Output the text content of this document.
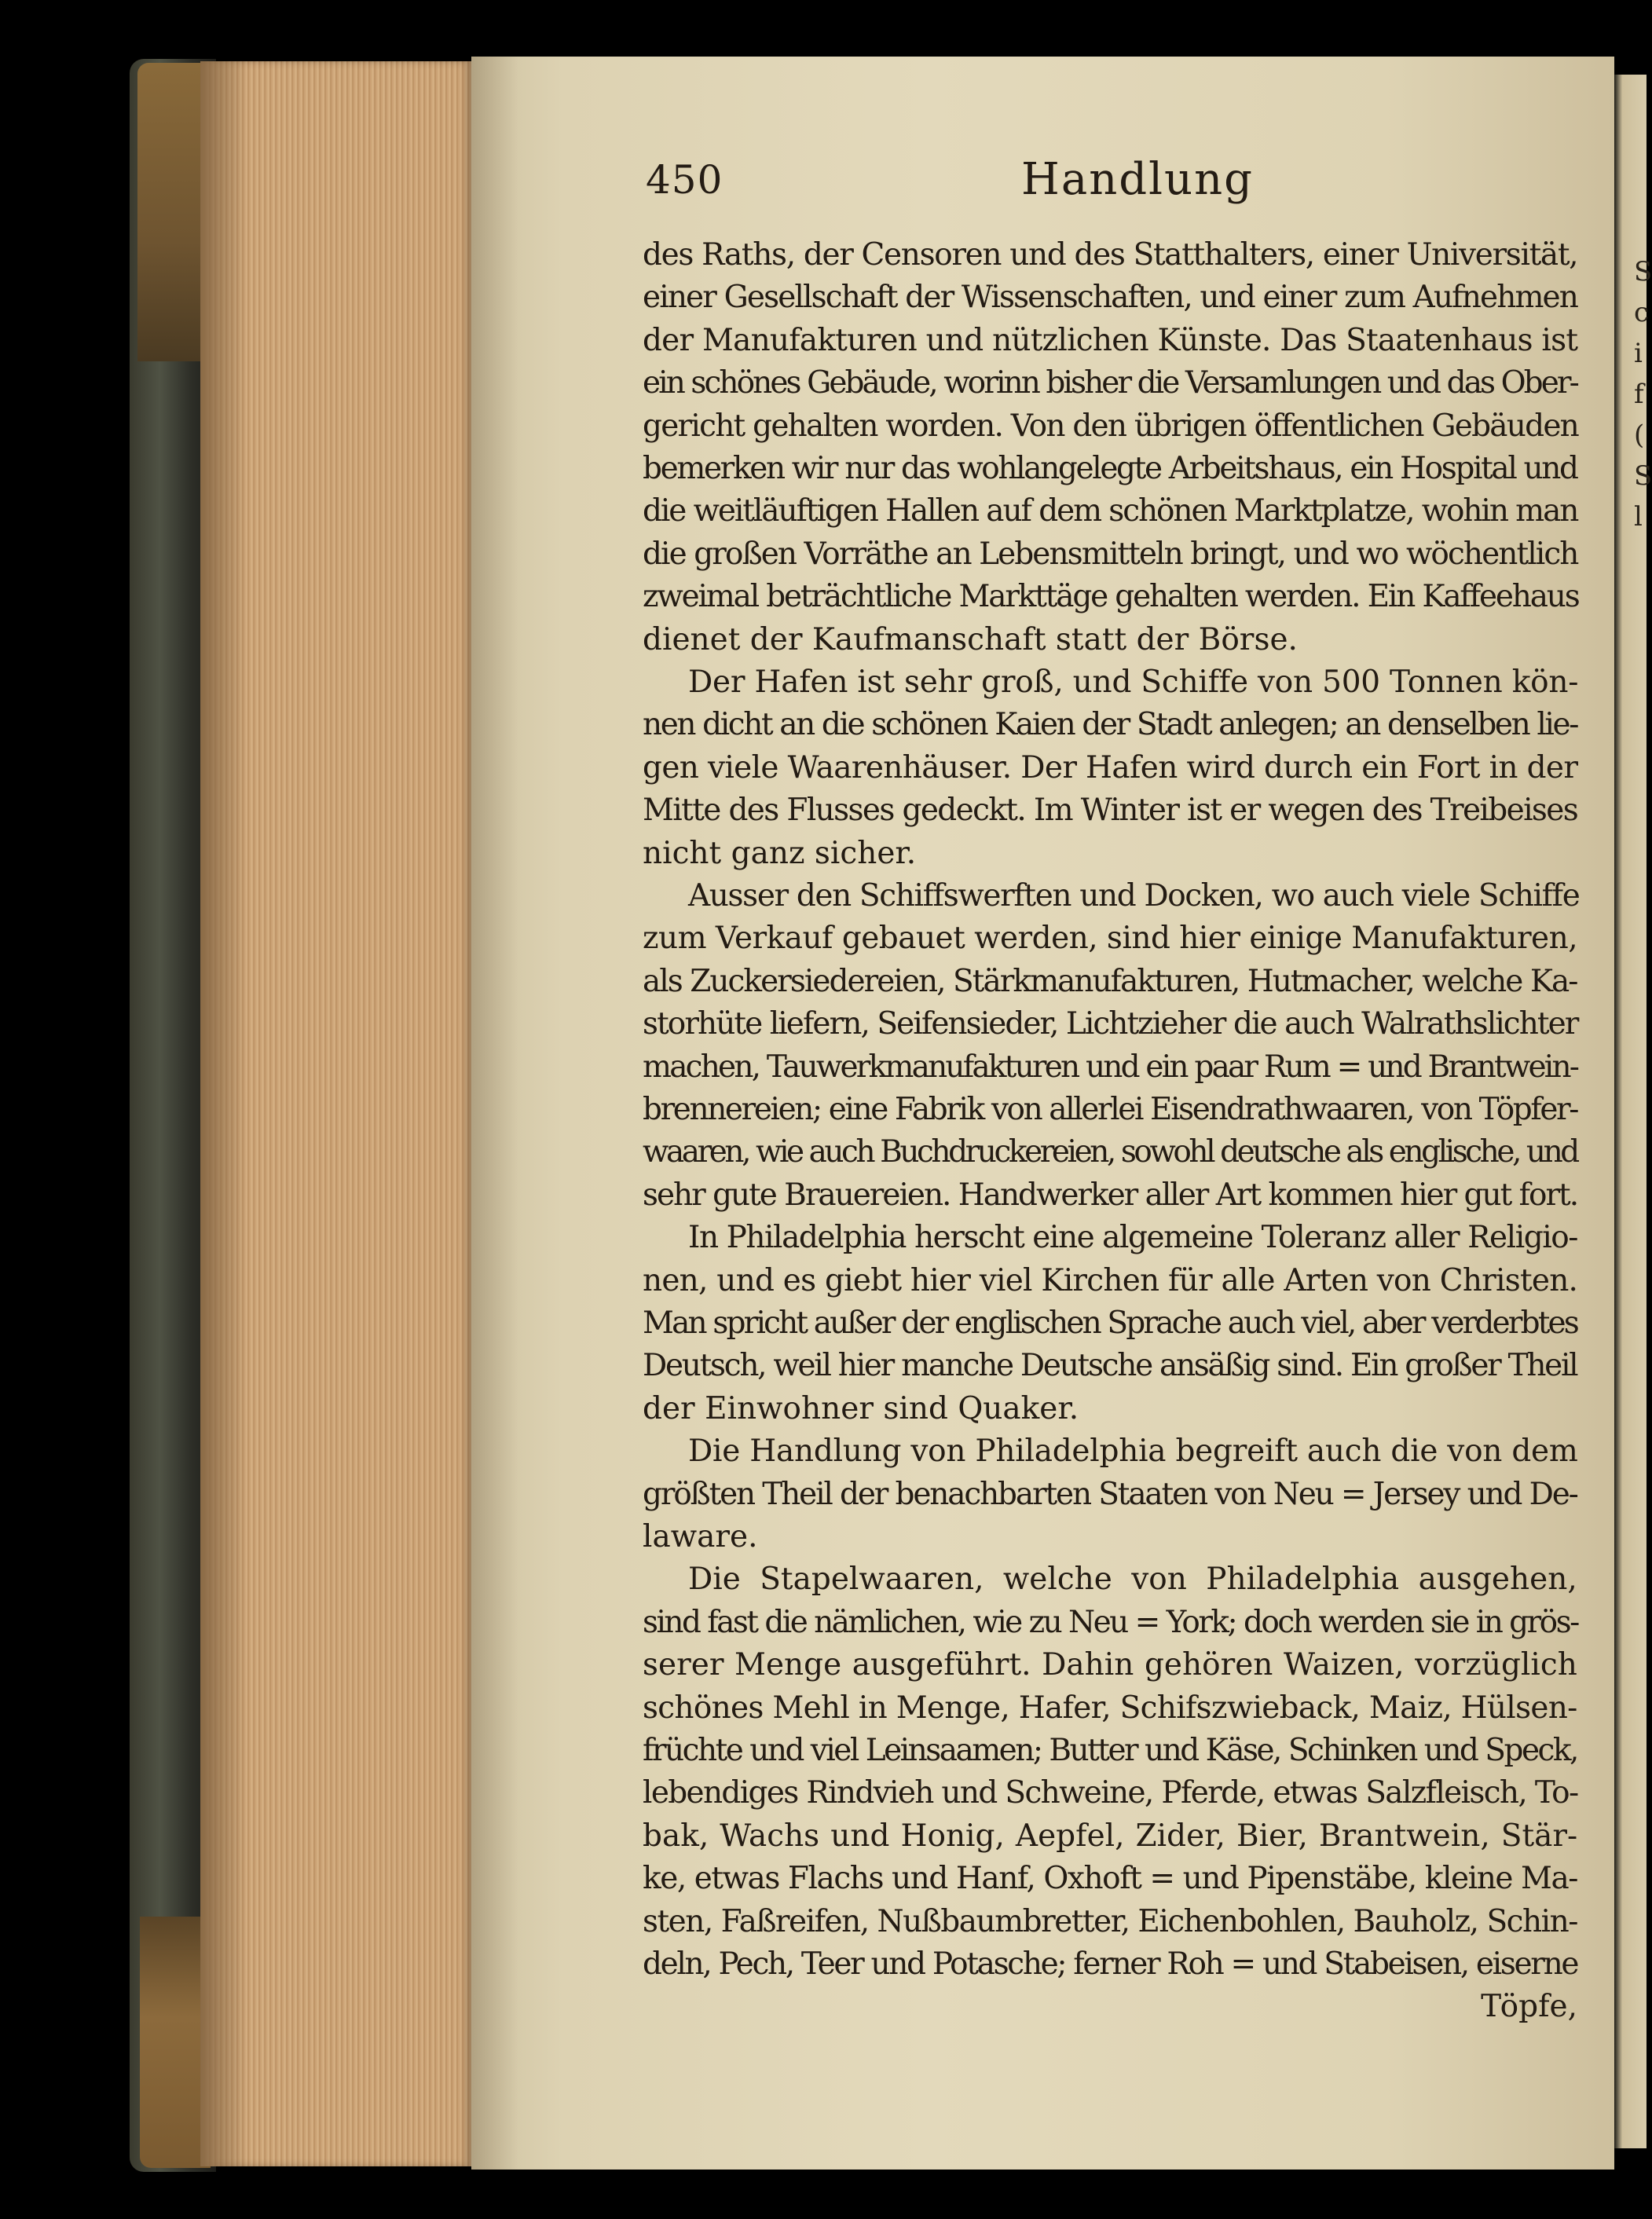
S
c
i
f
(
S
l
450	Handlung
des Raths, der Censoren und des Statthalters, einer Universität,
einer Gesellschaft der Wissenschaften, und einer zum Aufnehmen
der Manufakturen und nützlichen Künste. Das Staatenhaus ist
ein schönes Gebäude, worinn bisher die Versamlungen und das Ober-
gericht gehalten worden. Von den übrigen öffentlichen Gebäuden
bemerken wir nur das wohlangelegte Arbeitshaus, ein Hospital und
die weitläuftigen Hallen auf dem schönen Marktplatze, wohin man
die großen Vorräthe an Lebensmitteln bringt, und wo wöchentlich
zweimal beträchtliche Markttäge gehalten werden. Ein Kaffeehaus
dienet der Kaufmanschaft statt der Börse.
Der Hafen ist sehr groß, und Schiffe von 500 Tonnen kön-
nen dicht an die schönen Kaien der Stadt anlegen; an denselben lie-
gen viele Waarenhäuser. Der Hafen wird durch ein Fort in der
Mitte des Flusses gedeckt. Im Winter ist er wegen des Treibeises
nicht ganz sicher.
Ausser den Schiffswerften und Docken, wo auch viele Schiffe
zum Verkauf gebauet werden, sind hier einige Manufakturen,
als Zuckersiedereien, Stärkmanufakturen, Hutmacher, welche Ka-
storhüte liefern, Seifensieder, Lichtzieher die auch Walrathslichter
machen, Tauwerkmanufakturen und ein paar Rum = und Brantwein-
brennereien; eine Fabrik von allerlei Eisendrathwaaren, von Töpfer-
waaren, wie auch Buchdruckereien, sowohl deutsche als englische, und
sehr gute Brauereien. Handwerker aller Art kommen hier gut fort.
In Philadelphia herscht eine algemeine Toleranz aller Religio-
nen, und es giebt hier viel Kirchen für alle Arten von Christen.
Man spricht außer der englischen Sprache auch viel, aber verderbtes
Deutsch, weil hier manche Deutsche ansäßig sind. Ein großer Theil
der Einwohner sind Quaker.
Die Handlung von Philadelphia begreift auch die von dem
größten Theil der benachbarten Staaten von Neu = Jersey und De-
laware.
Die Stapelwaaren, welche von Philadelphia ausgehen,
sind fast die nämlichen, wie zu Neu = York; doch werden sie in grös-
serer Menge ausgeführt. Dahin gehören Waizen, vorzüglich
schönes Mehl in Menge, Hafer, Schifszwieback, Maiz, Hülsen-
früchte und viel Leinsaamen; Butter und Käse, Schinken und Speck,
lebendiges Rindvieh und Schweine, Pferde, etwas Salzfleisch, To-
bak, Wachs und Honig, Aepfel, Zider, Bier, Brantwein, Stär-
ke, etwas Flachs und Hanf, Oxhoft = und Pipenstäbe, kleine Ma-
sten, Faßreifen, Nußbaumbretter, Eichenbohlen, Bauholz, Schin-
deln, Pech, Teer und Potasche; ferner Roh = und Stabeisen, eiserne
Töpfe,
